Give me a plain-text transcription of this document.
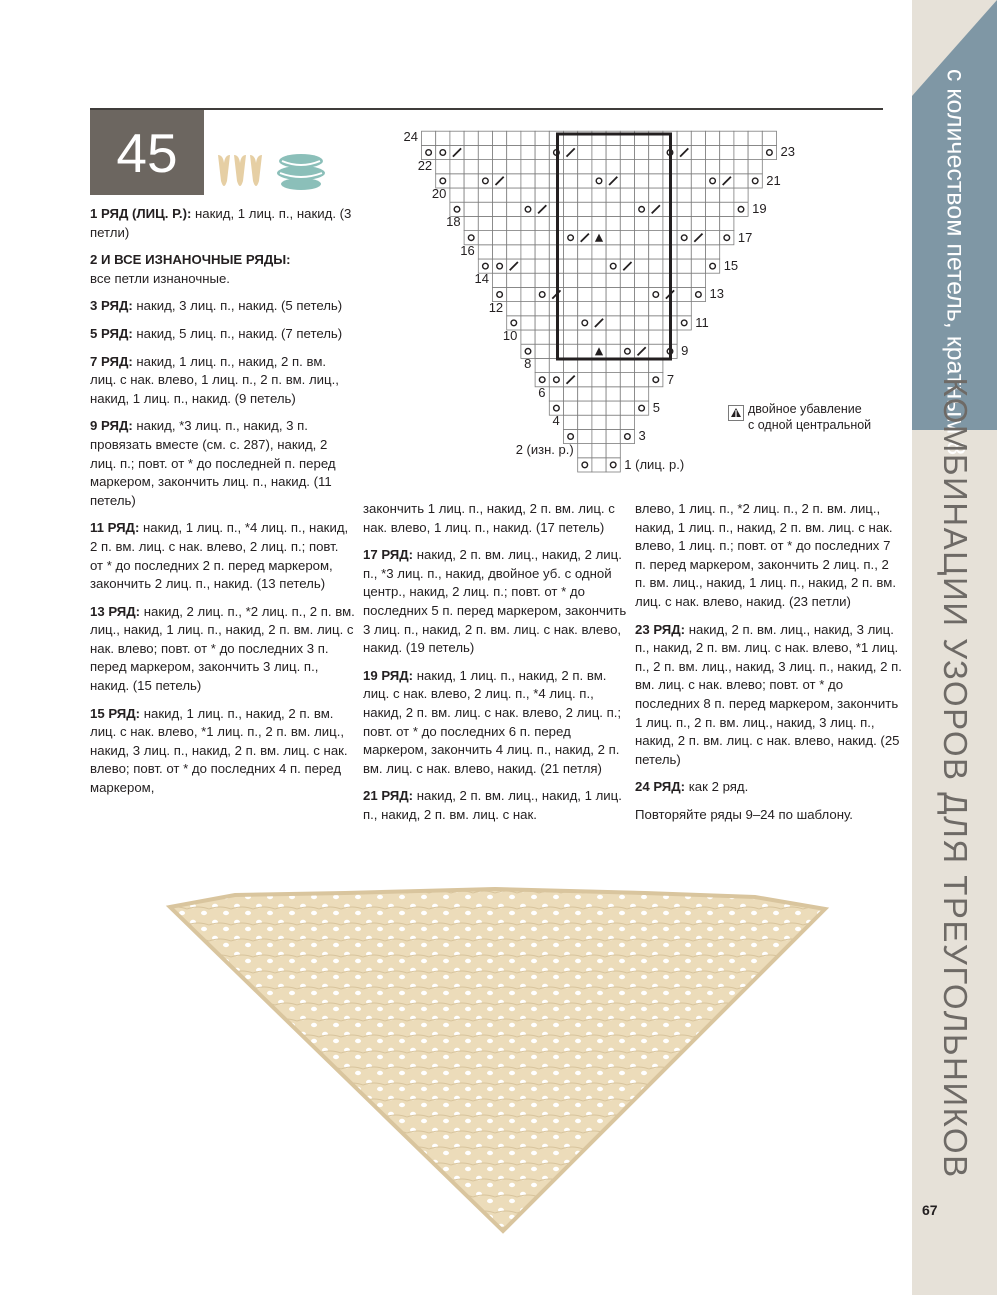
с количеством петель, кратным 8
КОМБИНАЦИИ УЗОРОВ ДЛЯ ТРЕУГОЛЬНИКОВ
67
45	24
22
20
18
16
14
12
10
8
6
4
2 (изн. р.)
23
21
19
17
15
13
11
9
7
5
3
1 (лиц. р.)
двойное убавление
с одной центральной

1 РЯД (ЛИЦ. Р.): накид, 1 лиц. п., накид. (3 петли)

2 И ВСЕ ИЗНАНОЧНЫЕ РЯДЫ:
все петли изнаночные.

3 РЯД: накид, 3 лиц. п., накид. (5 петель)

5 РЯД: накид, 5 лиц. п., накид. (7 петель)

7 РЯД: накид, 1 лиц. п., накид, 2 п. вм. лиц. с нак. влево, 1 лиц. п., 2 п. вм. лиц., накид, 1 лиц. п., накид. (9 петель)

9 РЯД: накид, *3 лиц. п., накид, 3 п. провязать вместе (см. с. 287), накид, 2 лиц. п.; повт. от * до последней п. перед маркером, закончить лиц. п., накид. (11 петель)

11 РЯД: накид, 1 лиц. п., *4 лиц. п., накид, 2 п. вм. лиц. с нак. влево, 2 лиц. п.; повт. от * до последних 2 п. перед маркером, закончить 2 лиц. п., накид. (13 петель)

13 РЯД: накид, 2 лиц. п., *2 лиц. п., 2 п. вм. лиц., накид, 1 лиц. п., накид, 2 п. вм. лиц. с нак. влево; повт. от * до последних 3 п. перед маркером, закончить 3 лиц. п., накид. (15 петель)

15 РЯД: накид, 1 лиц. п., накид, 2 п. вм. лиц. с нак. влево, *1 лиц. п., 2 п. вм. лиц., накид, 3 лиц. п., накид, 2 п. вм. лиц. с нак. влево; повт. от * до последних 4 п. перед маркером,

закончить 1 лиц. п., накид, 2 п. вм. лиц. с нак. влево, 1 лиц. п., накид. (17 петель)

17 РЯД: накид, 2 п. вм. лиц., накид, 2 лиц. п., *3 лиц. п., накид, двойное уб. с одной центр., накид, 2 лиц. п.; повт. от * до последних 5 п. перед маркером, закончить 3 лиц. п., накид, 2 п. вм. лиц. с нак. влево, накид. (19 петель)

19 РЯД: накид, 1 лиц. п., накид, 2 п. вм. лиц. с нак. влево, 2 лиц. п., *4 лиц. п., накид, 2 п. вм. лиц. с нак. влево, 2 лиц. п.; повт. от * до последних 6 п. перед маркером, закончить 4 лиц. п., накид, 2 п. вм. лиц. с нак. влево, накид. (21 петля)

21 РЯД: накид, 2 п. вм. лиц., накид, 1 лиц. п., накид, 2 п. вм. лиц. с нак.

влево, 1 лиц. п., *2 лиц. п., 2 п. вм. лиц., накид, 1 лиц. п., накид, 2 п. вм. лиц. с нак. влево, 1 лиц. п.; повт. от * до последних 7 п. перед маркером, закончить 2 лиц. п., 2 п. вм. лиц., накид, 1 лиц. п., накид, 2 п. вм. лиц. с нак. влево, накид. (23 петли)

23 РЯД: накид, 2 п. вм. лиц., накид, 3 лиц. п., накид, 2 п. вм. лиц. с нак. влево, *1 лиц. п., 2 п. вм. лиц., накид, 3 лиц. п., накид, 2 п. вм. лиц. с нак. влево; повт. от * до последних 8 п. перед маркером, закончить 1 лиц. п., 2 п. вм. лиц., накид, 3 лиц. п., накид, 2 п. вм. лиц. с нак. влево, накид. (25 петель)

24 РЯД: как 2 ряд.

Повторяйте ряды 9–24 по шаблону.
